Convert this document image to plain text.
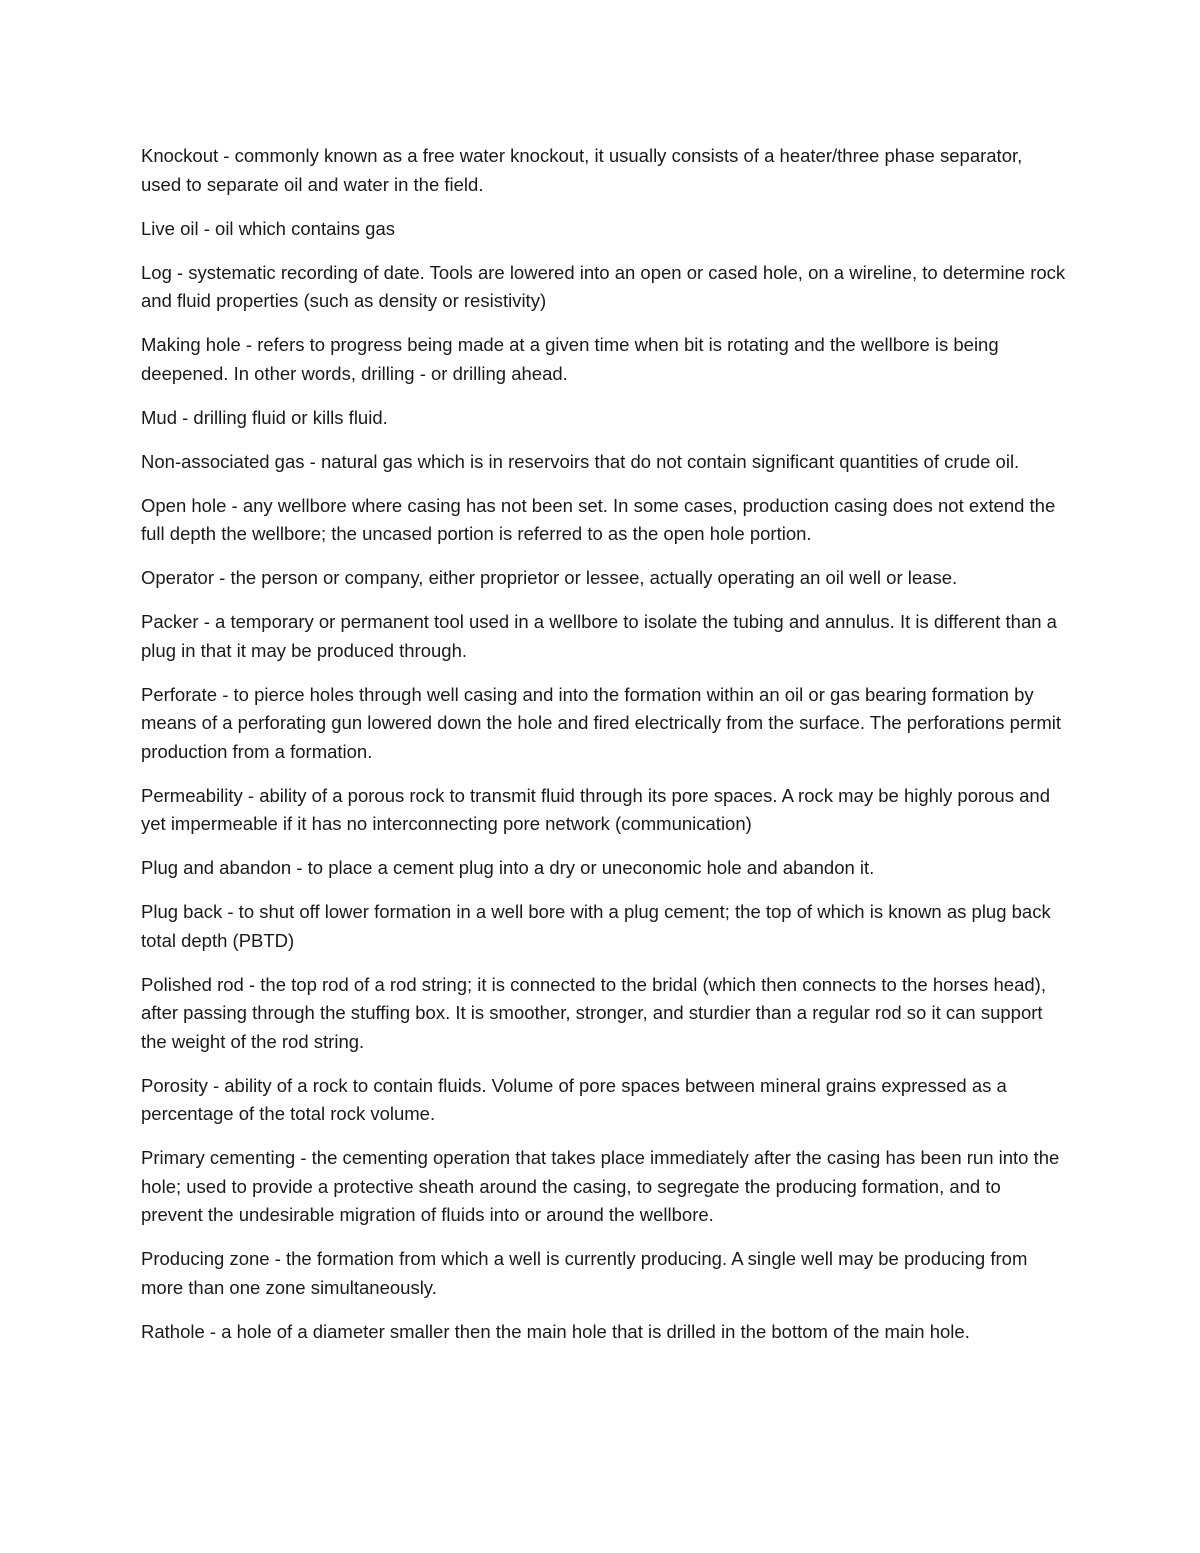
Knockout - commonly known as a free water knockout, it usually consists of a heater/three phase separator, used to separate oil and water in the field.

Live oil - oil which contains gas

Log - systematic recording of date. Tools are lowered into an open or cased hole, on a wireline, to determine rock and fluid properties (such as density or resistivity)

Making hole - refers to progress being made at a given time when bit is rotating and the wellbore is being deepened. In other words, drilling - or drilling ahead.

Mud - drilling fluid or kills fluid.

Non-associated gas - natural gas which is in reservoirs that do not contain significant quantities of crude oil.

Open hole - any wellbore where casing has not been set. In some cases, production casing does not extend the full depth the wellbore; the uncased portion is referred to as the open hole portion.

Operator - the person or company, either proprietor or lessee, actually operating an oil well or lease.

Packer - a temporary or permanent tool used in a wellbore to isolate the tubing and annulus. It is different than a plug in that it may be produced through.

Perforate - to pierce holes through well casing and into the formation within an oil or gas bearing formation by means of a perforating gun lowered down the hole and fired electrically from the surface. The perforations permit production from a formation.

Permeability - ability of a porous rock to transmit fluid through its pore spaces. A rock may be highly porous and yet impermeable if it has no interconnecting pore network (communication)

Plug and abandon - to place a cement plug into a dry or uneconomic hole and abandon it.

Plug back - to shut off lower formation in a well bore with a plug cement; the top of which is known as plug back total depth (PBTD)

Polished rod - the top rod of a rod string; it is connected to the bridal (which then connects to the horses head), after passing through the stuffing box. It is smoother, stronger, and sturdier than a regular rod so it can support the weight of the rod string.

Porosity - ability of a rock to contain fluids. Volume of pore spaces between mineral grains expressed as a percentage of the total rock volume.

Primary cementing - the cementing operation that takes place immediately after the casing has been run into the hole; used to provide a protective sheath around the casing, to segregate the producing formation, and to prevent the undesirable migration of fluids into or around the wellbore.

Producing zone - the formation from which a well is currently producing. A single well may be producing from more than one zone simultaneously.

Rathole - a hole of a diameter smaller then the main hole that is drilled in the bottom of the main hole.
